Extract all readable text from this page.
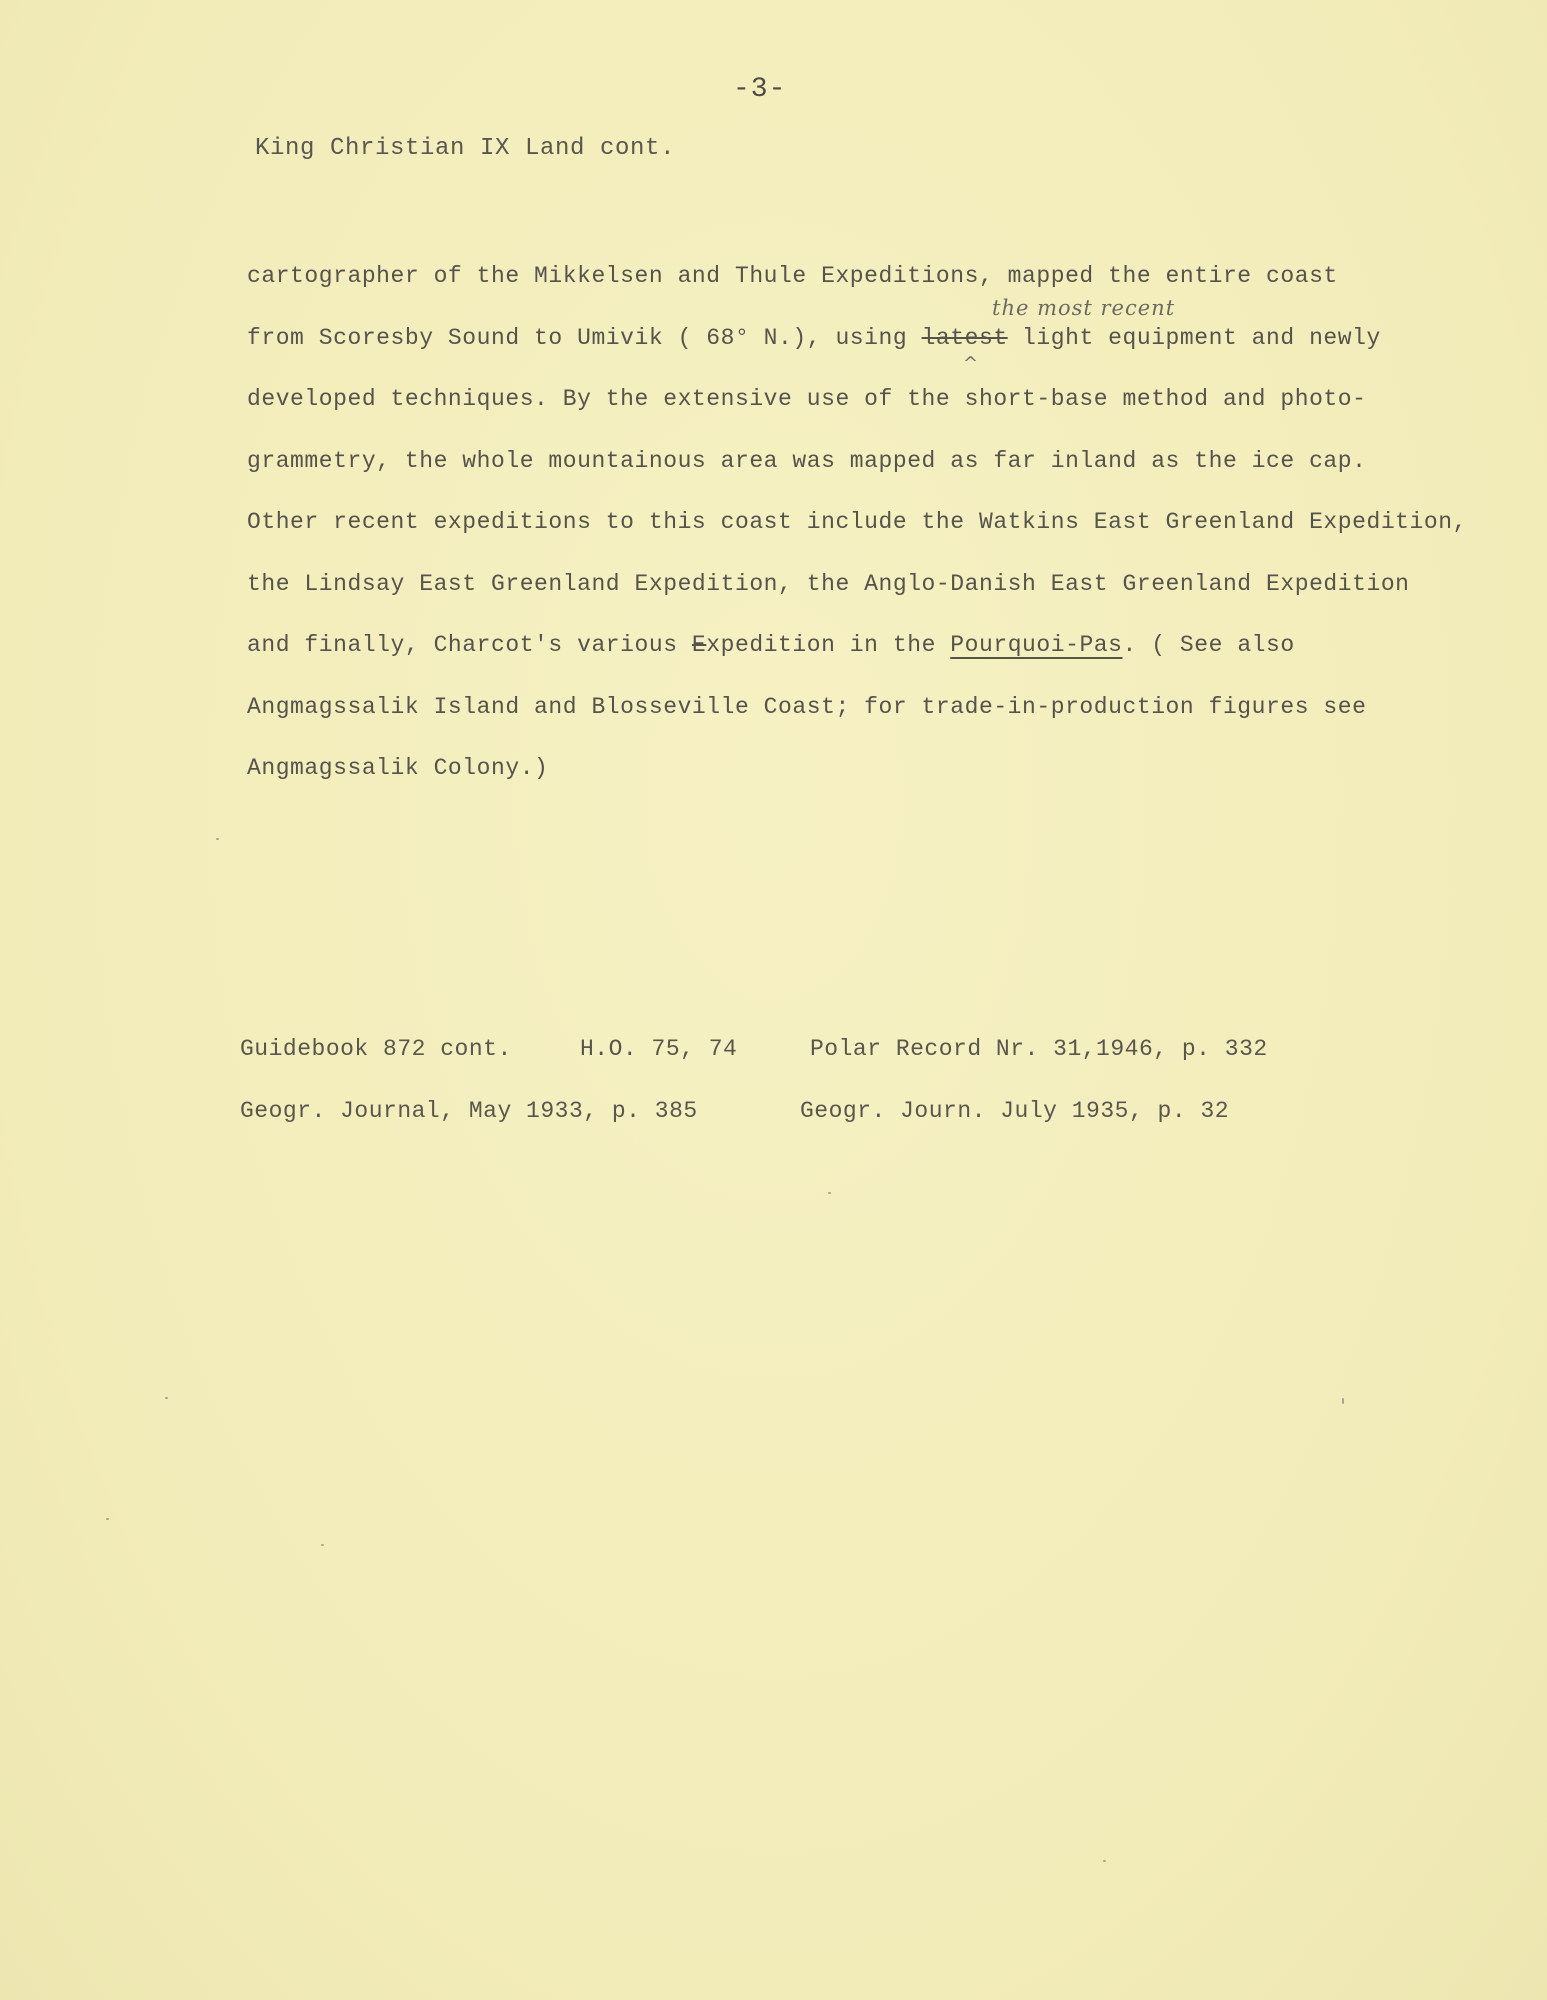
-3-
King Christian IX Land cont.
cartographer of the Mikkelsen and Thule Expeditions, mapped the entire coast
the most recent
^
from Scoresby Sound to Umivik ( 68° N.), using latest light equipment and newly
developed techniques. By the extensive use of the short-base method and photo-
grammetry, the whole mountainous area was mapped as far inland as the ice cap.
Other recent expeditions to this coast include the Watkins East Greenland Expedition,
the Lindsay East Greenland Expedition, the Anglo-Danish East Greenland Expedition
and finally, Charcot's various Expedition in the Pourquoi-Pas. ( See also
Angmagssalik Island and Blosseville Coast; for trade-in-production figures see
Angmagssalik Colony.)
Guidebook 872 cont.	H.O. 75, 74	Polar Record Nr. 31,1946, p. 332
Geogr. Journal, May 1933, p. 385	Geogr. Journ. July 1935, p. 32
